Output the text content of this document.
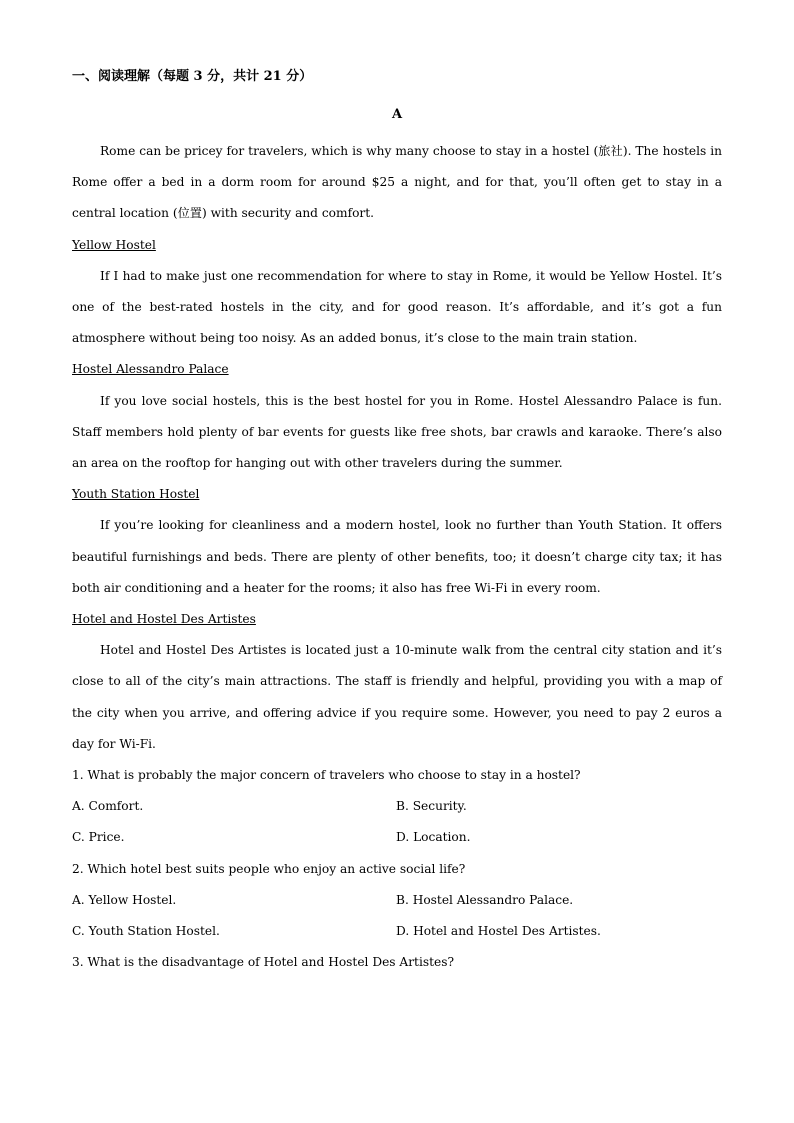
一、阅读理解（每题 3 分，共计 21 分）
A

Rome can be pricey for travelers, which is why many choose to stay in a hostel (旅社). The hostels in Rome offer a bed in a dorm room for around $25 a night, and for that, you’ll often get to stay in a central location (位置) with security and comfort.

Yellow Hostel

If I had to make just one recommendation for where to stay in Rome, it would be Yellow Hostel. It’s one of the best-rated hostels in the city, and for good reason. It’s affordable, and it’s got a fun atmosphere without being too noisy. As an added bonus, it’s close to the main train station.

Hostel Alessandro Palace

If you love social hostels, this is the best hostel for you in Rome. Hostel Alessandro Palace is fun. Staff members hold plenty of bar events for guests like free shots, bar crawls and karaoke. There’s also an area on the rooftop for hanging out with other travelers during the summer.

Youth Station Hostel

If you’re looking for cleanliness and a modern hostel, look no further than Youth Station. It offers beautiful furnishings and beds. There are plenty of other benefits, too; it doesn’t charge city tax; it has both air conditioning and a heater for the rooms; it also has free Wi-Fi in every room.

Hotel and Hostel Des Artistes

Hotel and Hostel Des Artistes is located just a 10-minute walk from the central city station and it’s close to all of the city’s main attractions. The staff is friendly and helpful, providing you with a map of the city when you arrive, and offering advice if you require some. However, you need to pay 2 euros a day for Wi-Fi.

1. What is probably the major concern of travelers who choose to stay in a hostel?

A. Comfort.	B. Security.
C. Price.	D. Location.

2. Which hotel best suits people who enjoy an active social life?

A. Yellow Hostel.	B. Hostel Alessandro Palace.
C. Youth Station Hostel.	D. Hotel and Hostel Des Artistes.

3. What is the disadvantage of Hotel and Hostel Des Artistes?
